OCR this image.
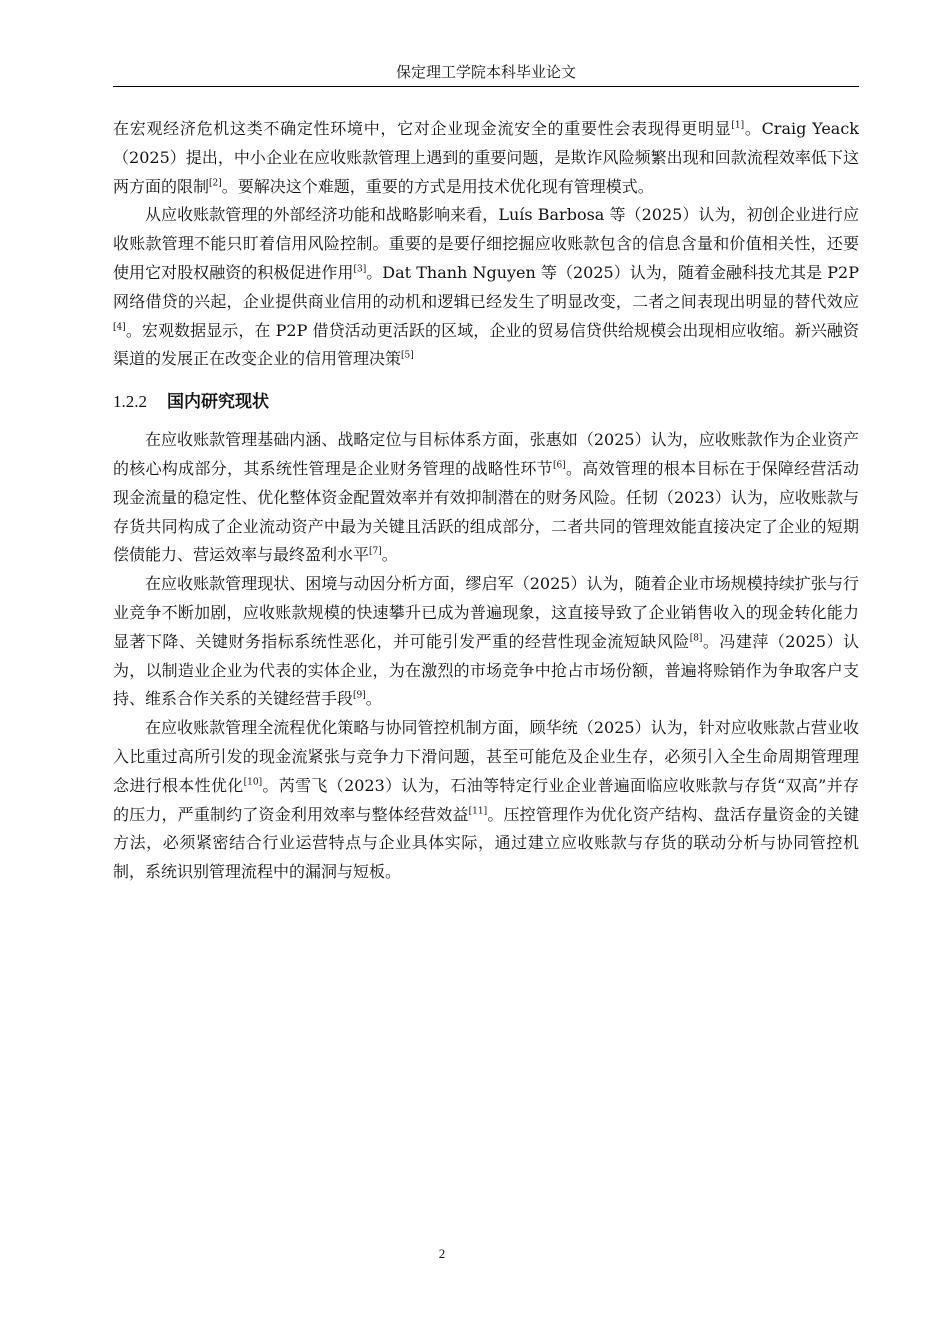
保定理工学院本科毕业论文

在宏观经济危机这类不确定性环境中，它对企业现金流安全的重要性会表现得更明显[1]。Craig Yeack（2025）提出，中小企业在应收账款管理上遇到的重要问题，是欺诈风险频繁出现和回款流程效率低下这两方面的限制[2]。要解决这个难题，重要的方式是用技术优化现有管理模式。

从应收账款管理的外部经济功能和战略影响来看，Luís Barbosa 等（2025）认为，初创企业进行应收账款管理不能只盯着信用风险控制。重要的是要仔细挖掘应收账款包含的信息含量和价值相关性，还要使用它对股权融资的积极促进作用[3]。Dat Thanh Nguyen 等（2025）认为，随着金融科技尤其是 P2P 网络借贷的兴起，企业提供商业信用的动机和逻辑已经发生了明显改变，二者之间表现出明显的替代效应[4]。宏观数据显示，在 P2P 借贷活动更活跃的区域，企业的贸易信贷供给规模会出现相应收缩。新兴融资渠道的发展正在改变企业的信用管理决策[5]

1.2.2 国内研究现状

在应收账款管理基础内涵、战略定位与目标体系方面，张惠如（2025）认为，应收账款作为企业资产的核心构成部分，其系统性管理是企业财务管理的战略性环节[6]。高效管理的根本目标在于保障经营活动现金流量的稳定性、优化整体资金配置效率并有效抑制潜在的财务风险。任韧（2023）认为，应收账款与存货共同构成了企业流动资产中最为关键且活跃的组成部分，二者共同的管理效能直接决定了企业的短期偿债能力、营运效率与最终盈利水平[7]。

在应收账款管理现状、困境与动因分析方面，缪启军（2025）认为，随着企业市场规模持续扩张与行业竞争不断加剧，应收账款规模的快速攀升已成为普遍现象，这直接导致了企业销售收入的现金转化能力显著下降、关键财务指标系统性恶化，并可能引发严重的经营性现金流短缺风险[8]。冯建萍（2025）认为，以制造业企业为代表的实体企业，为在激烈的市场竞争中抢占市场份额，普遍将赊销作为争取客户支持、维系合作关系的关键经营手段[9]。

在应收账款管理全流程优化策略与协同管控机制方面，顾华统（2025）认为，针对应收账款占营业收入比重过高所引发的现金流紧张与竞争力下滑问题，甚至可能危及企业生存，必须引入全生命周期管理理念进行根本性优化[10]。芮雪飞（2023）认为，石油等特定行业企业普遍面临应收账款与存货“双高”并存的压力，严重制约了资金利用效率与整体经营效益[11]。压控管理作为优化资产结构、盘活存量资金的关键方法，必须紧密结合行业运营特点与企业具体实际，通过建立应收账款与存货的联动分析与协同管控机制，系统识别管理流程中的漏洞与短板。

2
